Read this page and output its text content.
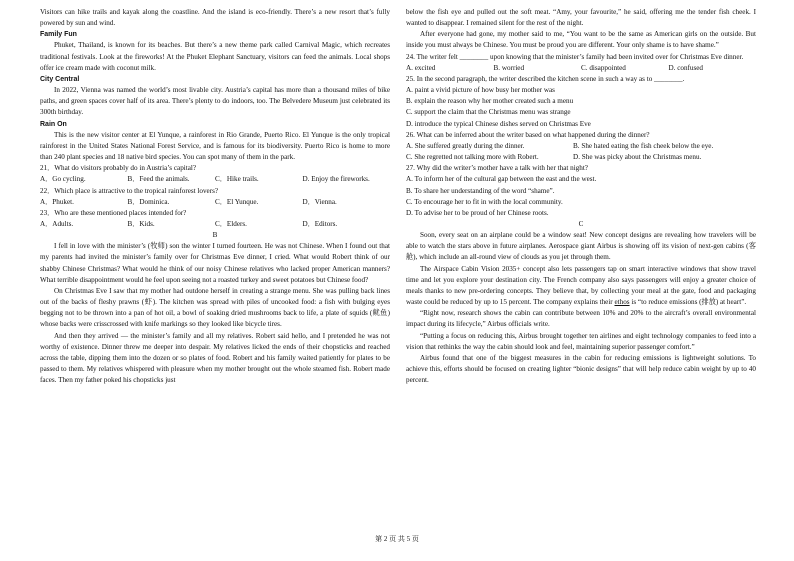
Visitors can hike trails and kayak along the coastline. And the island is eco-friendly. There’s a new resort that’s fully powered by sun and wind.

Family Fun

Phuket, Thailand, is known for its beaches. But there’s a new theme park called Carnival Magic, which recreates traditional festivals. Look at the fireworks! At the Phuket Elephant Sanctuary, visitors can feed the animals. Local shops offer ice cream made with coconut milk.

City Central

In 2022, Vienna was named the world’s most livable city. Austria’s capital has more than a thousand miles of bike paths, and green spaces cover half of its area. There’s plenty to do indoors, too. The Belvedere Museum just celebrated its 300th birthday.

Rain On

This is the new visitor center at El Yunque, a rainforest in Rio Grande, Puerto Rico. El Yunque is the only tropical rainforest in the United States National Forest Service, and is famous for its biodiversity. Puerto Rico is home to more than 240 plant species and 18 native bird species. You can spot many of them in the park.

21．What do visitors probably do in Austria’s capital?

A．Go cycling.	B．Feed the animals.	C．Hike trails.	D. Enjoy the fireworks.

22．Which place is attractive to the tropical rainforest lovers?

A．Phuket.	B．Dominica.	C．El Yunque.	D．Vienna.

23．Who are these mentioned places intended for?

A．Adults.	B．Kids.	C．Elders.	D．Editors.

B

I fell in love with the minister’s (牧师) son the winter I turned fourteen. He was not Chinese. When I found out that my parents had invited the minister’s family over for Christmas Eve dinner, I cried. What would Robert think of our shabby Chinese Christmas? What would he think of our noisy Chinese relatives who lacked proper American manners? What terrible disappointment would he feel upon seeing not a roasted turkey and sweet potatoes but Chinese food?

On Christmas Eve I saw that my mother had outdone herself in creating a strange menu. She was pulling back lines out of the backs of fleshy prawns (虾). The kitchen was spread with piles of uncooked food: a fish with bulging eyes begging not to be thrown into a pan of hot oil, a bowl of soaking dried mushrooms back to life, a plate of squids (鱿鱼) whose backs were crisscrossed with knife markings so they looked like bicycle tires.

And then they arrived — the minister’s family and all my relatives. Robert said hello, and I pretended he was not worthy of existence. Dinner threw me deeper into despair. My relatives licked the ends of their chopsticks and reached across the table, dipping them into the dozen or so plates of food. Robert and his family waited patiently for plates to be passed to them. My relatives whispered with pleasure when my mother brought out the whole steamed fish. Robert made faces. Then my father poked his chopsticks just

below the fish eye and pulled out the soft meat. “Amy, your favourite,” he said, offering me the tender fish cheek. I wanted to disappear. I remained silent for the rest of the night.

After everyone had gone, my mother said to me, “You want to be the same as American girls on the outside. But inside you must always be Chinese. You must be proud you are different. Your only shame is to have shame.”

24. The writer felt ________ upon knowing that the minister’s family had been invited over for Christmas Eve dinner.

A. excited	B. worried	C. disappointed	D. confused

25. In the second paragraph, the writer described the kitchen scene in such a way as to ________.

A. paint a vivid picture of how busy her mother was

B. explain the reason why her mother created such a menu

C. support the claim that the Christmas menu was strange

D. introduce the typical Chinese dishes served on Christmas Eve

26. What can be inferred about the writer based on what happened during the dinner?

A. She suffered greatly during the dinner.	B. She hated eating the fish cheek below the eye.
C. She regretted not talking more with Robert.	D. She was picky about the Christmas menu.

27. Why did the writer’s mother have a talk with her that night?

A. To inform her of the cultural gap between the east and the west.

B. To share her understanding of the word “shame”.

C. To encourage her to fit in with the local community.

D. To advise her to be proud of her Chinese roots.

C

Soon, every seat on an airplane could be a window seat! New concept designs are revealing how travelers will be able to watch the stars above in future airplanes. Aerospace giant Airbus is showing off its vision of next-gen cabins (客舱), which include an all-round view of clouds as you jet through them.

The Airspace Cabin Vision 2035+ concept also lets passengers tap on smart interactive windows that show travel time and let you explore your destination city. The French company also says passengers will enjoy a greater choice of meals thanks to new pre-ordering concepts. They believe that, by collecting your meal at the gate, food and packaging waste could be reduced by up to 15 percent. The company explains their ethos is “to reduce emissions (排放) at heart”.

“Right now, research shows the cabin can contribute between 10% and 20% to the aircraft’s overall environmental impact during its lifecycle,” Airbus officials write.

“Putting a focus on reducing this, Airbus brought together ten airlines and eight technology companies to feed into a vision that rethinks the way the cabin should look and feel, maintaining superior passenger comfort.”

Airbus found that one of the biggest measures in the cabin for reducing emissions is lightweight solutions. To achieve this, efforts should be focused on creating lighter “bionic designs” that will help reduce cabin weight by up to 40 percent.

第 2 页 共 5 页
